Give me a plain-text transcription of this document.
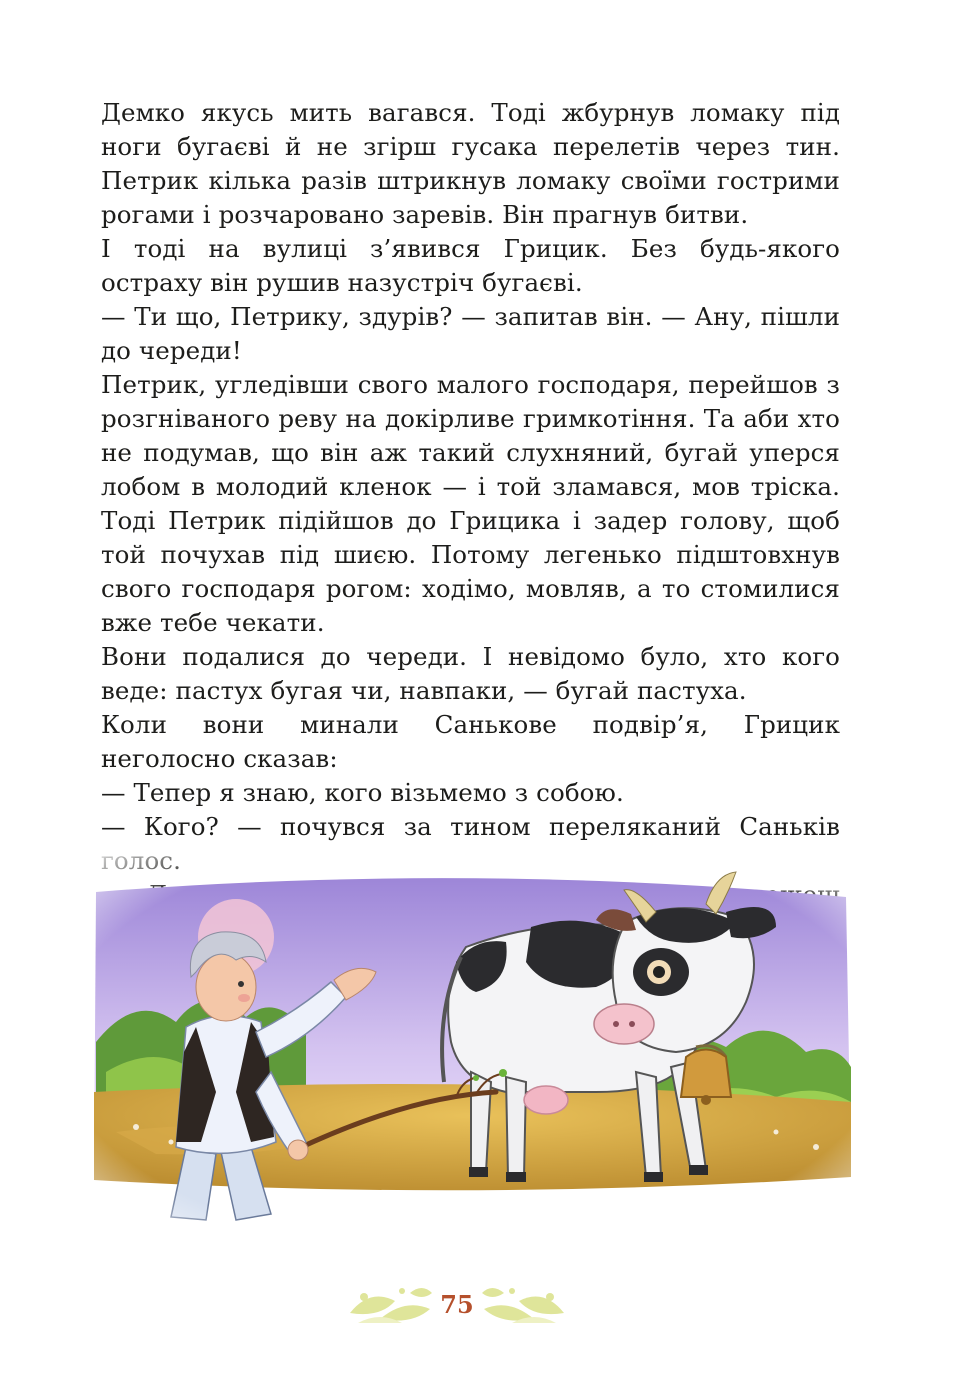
Демко якусь мить вагався. Тоді жбурнув ломаку під ноги бугаєві й не згірш гусака перелетів через тин. Петрик кілька разів штрикнув ломаку своїми гострими рогами і розчаровано заревів. Він прагнув битви.

І тоді на вулиці з’явився Грицик. Без будь-якого остраху він рушив назустріч бугаєві.

— Ти що, Петрику, здурів? — запитав він. — Ану, пішли до череди!

Петрик, угледівши свого малого господаря, перейшов з розгніваного реву на докірливе гримкотіння. Та аби хто не подумав, що він аж такий слухняний, бугай уперся лобом в молодий кленок — і той зламався, мов тріска. Тоді Петрик підійшов до Грицика і задер голову, щоб той почухав під шиєю. Потому легенько підштовхнув свого господаря рогом: ходімо, мовляв, а то стомилися вже тебе чекати.

Вони подалися до череди. І невідомо було, хто кого веде: пастух бугая чи, навпаки, — бугай пастуха.

Коли вони минали Санькове подвір’я, Грицик неголосно сказав:

— Тепер я знаю, кого візьмемо з собою.

— Кого? — почувся за тином переляканий Саньків

75
